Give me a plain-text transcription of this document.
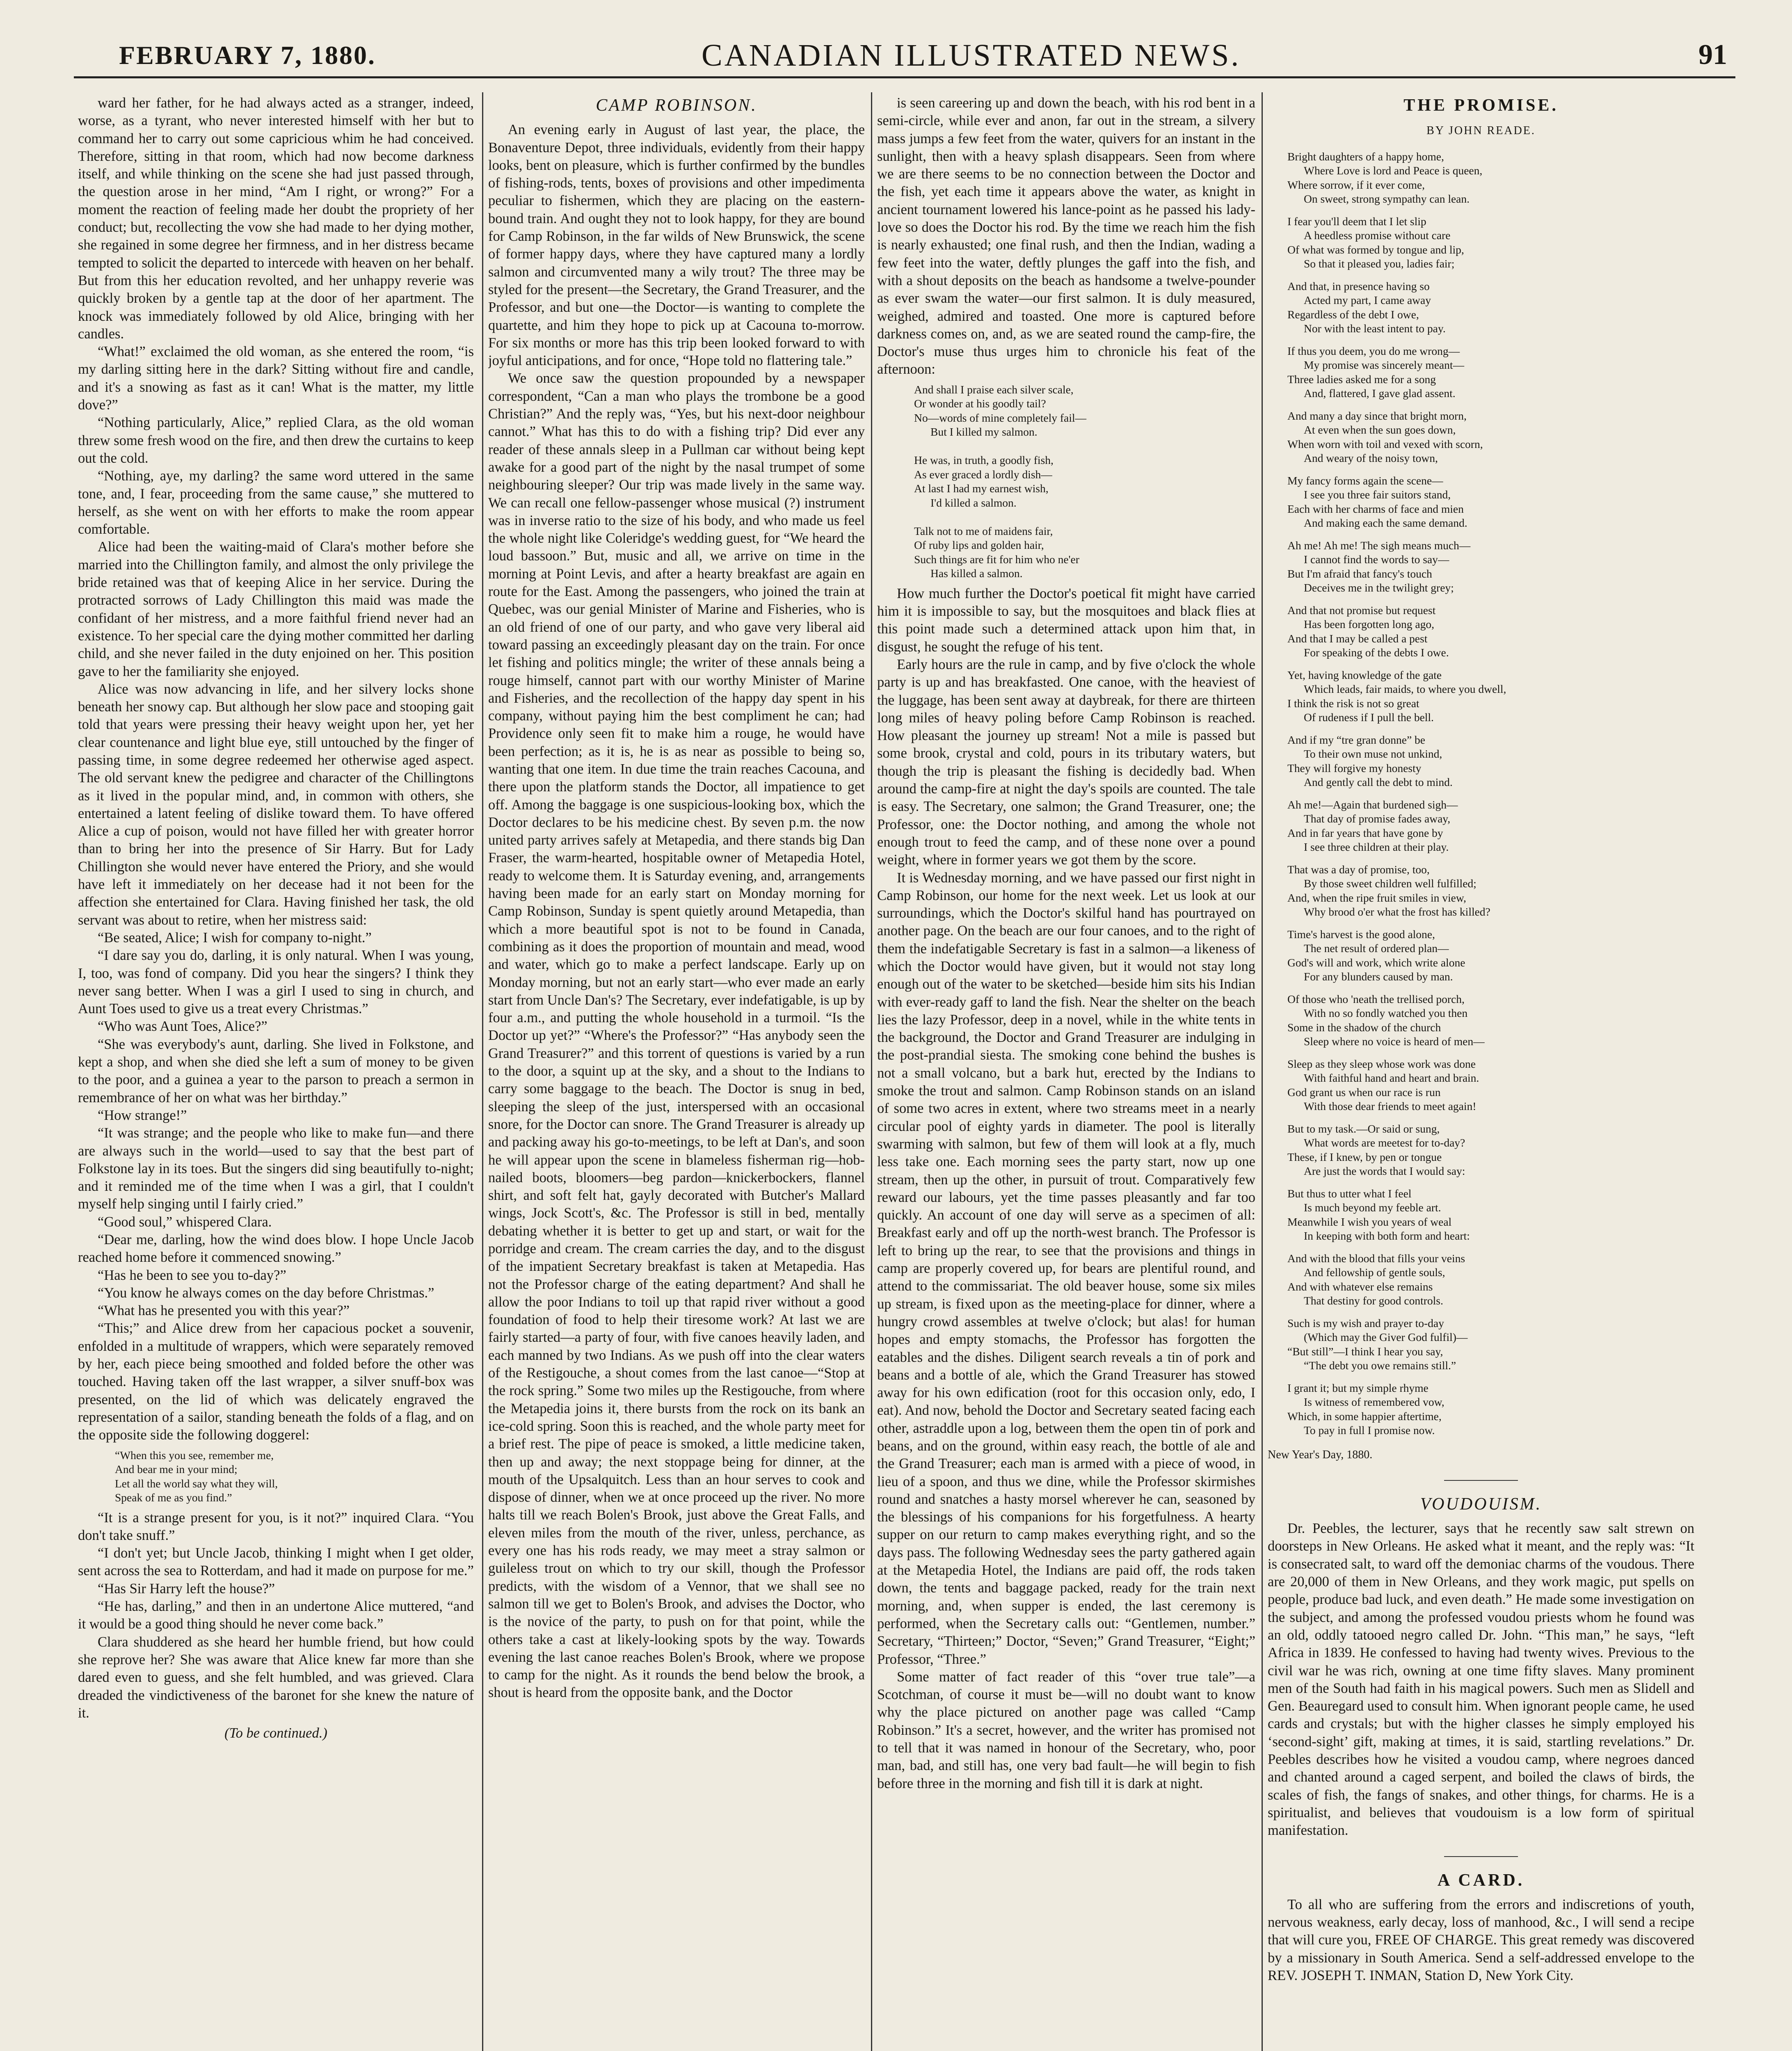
FEBRUARY 7, 1880.	CANADIAN ILLUSTRATED NEWS.	91

ward her father, for he had always acted as a stranger, indeed, worse, as a tyrant, who never interested himself with her but to command her to carry out some capricious whim he had conceived. Therefore, sitting in that room, which had now become darkness itself, and while thinking on the scene she had just passed through, the question arose in her mind, “Am I right, or wrong?” For a moment the reaction of feeling made her doubt the propriety of her conduct; but, recollecting the vow she had made to her dying mother, she regained in some degree her firmness, and in her distress became tempted to solicit the departed to intercede with heaven on her behalf. But from this her education revolted, and her unhappy reverie was quickly broken by a gentle tap at the door of her apartment. The knock was immediately followed by old Alice, bringing with her candles.

“What!” exclaimed the old woman, as she entered the room, “is my darling sitting here in the dark? Sitting without fire and candle, and it's a snowing as fast as it can! What is the matter, my little dove?”

“Nothing particularly, Alice,” replied Clara, as the old woman threw some fresh wood on the fire, and then drew the curtains to keep out the cold.

“Nothing, aye, my darling? the same word uttered in the same tone, and, I fear, proceeding from the same cause,” she muttered to herself, as she went on with her efforts to make the room appear comfortable.

Alice had been the waiting-maid of Clara's mother before she married into the Chillington family, and almost the only privilege the bride retained was that of keeping Alice in her service. During the protracted sorrows of Lady Chillington this maid was made the confidant of her mistress, and a more faithful friend never had an existence. To her special care the dying mother committed her darling child, and she never failed in the duty enjoined on her. This position gave to her the familiarity she enjoyed.

Alice was now advancing in life, and her silvery locks shone beneath her snowy cap. But although her slow pace and stooping gait told that years were pressing their heavy weight upon her, yet her clear countenance and light blue eye, still untouched by the finger of passing time, in some degree redeemed her otherwise aged aspect. The old servant knew the pedigree and character of the Chillingtons as it lived in the popular mind, and, in common with others, she entertained a latent feeling of dislike toward them. To have offered Alice a cup of poison, would not have filled her with greater horror than to bring her into the presence of Sir Harry. But for Lady Chillington she would never have entered the Priory, and she would have left it immediately on her decease had it not been for the affection she entertained for Clara. Having finished her task, the old servant was about to retire, when her mistress said:

“Be seated, Alice; I wish for company to-night.”

“I dare say you do, darling, it is only natural. When I was young, I, too, was fond of company. Did you hear the singers? I think they never sang better. When I was a girl I used to sing in church, and Aunt Toes used to give us a treat every Christmas.”

“Who was Aunt Toes, Alice?”

“She was everybody's aunt, darling. She lived in Folkstone, and kept a shop, and when she died she left a sum of money to be given to the poor, and a guinea a year to the parson to preach a sermon in remembrance of her on what was her birthday.”

“How strange!”

“It was strange; and the people who like to make fun—and there are always such in the world—used to say that the best part of Folkstone lay in its toes. But the singers did sing beautifully to-night; and it reminded me of the time when I was a girl, that I couldn't myself help singing until I fairly cried.”

“Good soul,” whispered Clara.

“Dear me, darling, how the wind does blow. I hope Uncle Jacob reached home before it commenced snowing.”

“Has he been to see you to-day?”

“You know he always comes on the day before Christmas.”

“What has he presented you with this year?”

“This;” and Alice drew from her capacious pocket a souvenir, enfolded in a multitude of wrappers, which were separately removed by her, each piece being smoothed and folded before the other was touched. Having taken off the last wrapper, a silver snuff-box was presented, on the lid of which was delicately engraved the representation of a sailor, standing beneath the folds of a flag, and on the opposite side the following doggerel:

“When this you see, remember me,
And bear me in your mind;
Let all the world say what they will,
Speak of me as you find.”

“It is a strange present for you, is it not?” inquired Clara. “You don't take snuff.”

“I don't yet; but Uncle Jacob, thinking I might when I get older, sent across the sea to Rotterdam, and had it made on purpose for me.”

“Has Sir Harry left the house?”

“He has, darling,” and then in an undertone Alice muttered, “and it would be a good thing should he never come back.”

Clara shuddered as she heard her humble friend, but how could she reprove her? She was aware that Alice knew far more than she dared even to guess, and she felt humbled, and was grieved. Clara dreaded the vindictiveness of the baronet for she knew the nature of it.

(To be continued.)
CAMP ROBINSON.

An evening early in August of last year, the place, the Bonaventure Depot, three individuals, evidently from their happy looks, bent on pleasure, which is further confirmed by the bundles of fishing-rods, tents, boxes of provisions and other impedimenta peculiar to fishermen, which they are placing on the eastern-bound train. And ought they not to look happy, for they are bound for Camp Robinson, in the far wilds of New Brunswick, the scene of former happy days, where they have captured many a lordly salmon and circumvented many a wily trout? The three may be styled for the present—the Secretary, the Grand Treasurer, and the Professor, and but one—the Doctor—is wanting to complete the quartette, and him they hope to pick up at Cacouna to-morrow. For six months or more has this trip been looked forward to with joyful anticipations, and for once, “Hope told no flattering tale.”

We once saw the question propounded by a newspaper correspondent, “Can a man who plays the trombone be a good Christian?” And the reply was, “Yes, but his next-door neighbour cannot.” What has this to do with a fishing trip? Did ever any reader of these annals sleep in a Pullman car without being kept awake for a good part of the night by the nasal trumpet of some neighbouring sleeper? Our trip was made lively in the same way. We can recall one fellow-passenger whose musical (?) instrument was in inverse ratio to the size of his body, and who made us feel the whole night like Coleridge's wedding guest, for “We heard the loud bassoon.” But, music and all, we arrive on time in the morning at Point Levis, and after a hearty breakfast are again en route for the East. Among the passengers, who joined the train at Quebec, was our genial Minister of Marine and Fisheries, who is an old friend of one of our party, and who gave very liberal aid toward passing an exceedingly pleasant day on the train. For once let fishing and politics mingle; the writer of these annals being a rouge himself, cannot part with our worthy Minister of Marine and Fisheries, and the recollection of the happy day spent in his company, without paying him the best compliment he can; had Providence only seen fit to make him a rouge, he would have been perfection; as it is, he is as near as possible to being so, wanting that one item. In due time the train reaches Cacouna, and there upon the platform stands the Doctor, all impatience to get off. Among the baggage is one suspicious-looking box, which the Doctor declares to be his medicine chest. By seven p.m. the now united party arrives safely at Metapedia, and there stands big Dan Fraser, the warm-hearted, hospitable owner of Metapedia Hotel, ready to welcome them. It is Saturday evening, and, arrangements having been made for an early start on Monday morning for Camp Robinson, Sunday is spent quietly around Metapedia, than which a more beautiful spot is not to be found in Canada, combining as it does the proportion of mountain and mead, wood and water, which go to make a perfect landscape. Early up on Monday morning, but not an early start—who ever made an early start from Uncle Dan's? The Secretary, ever indefatigable, is up by four a.m., and putting the whole household in a turmoil. “Is the Doctor up yet?” “Where's the Professor?” “Has anybody seen the Grand Treasurer?” and this torrent of questions is varied by a run to the door, a squint up at the sky, and a shout to the Indians to carry some baggage to the beach. The Doctor is snug in bed, sleeping the sleep of the just, interspersed with an occasional snore, for the Doctor can snore. The Grand Treasurer is already up and packing away his go-to-meetings, to be left at Dan's, and soon he will appear upon the scene in blameless fisherman rig—hob-nailed boots, bloomers—beg pardon—knickerbockers, flannel shirt, and soft felt hat, gayly decorated with Butcher's Mallard wings, Jock Scott's, &c. The Professor is still in bed, mentally debating whether it is better to get up and start, or wait for the porridge and cream. The cream carries the day, and to the disgust of the impatient Secretary breakfast is taken at Metapedia. Has not the Professor charge of the eating department? And shall he allow the poor Indians to toil up that rapid river without a good foundation of food to help their tiresome work? At last we are fairly started—a party of four, with five canoes heavily laden, and each manned by two Indians. As we push off into the clear waters of the Restigouche, a shout comes from the last canoe—“Stop at the rock spring.” Some two miles up the Restigouche, from where the Metapedia joins it, there bursts from the rock on its bank an ice-cold spring. Soon this is reached, and the whole party meet for a brief rest. The pipe of peace is smoked, a little medicine taken, then up and away; the next stoppage being for dinner, at the mouth of the Upsalquitch. Less than an hour serves to cook and dispose of dinner, when we at once proceed up the river. No more halts till we reach Bolen's Brook, just above the Great Falls, and eleven miles from the mouth of the river, unless, perchance, as every one has his rods ready, we may meet a stray salmon or guileless trout on which to try our skill, though the Professor predicts, with the wisdom of a Vennor, that we shall see no salmon till we get to Bolen's Brook, and advises the Doctor, who is the novice of the party, to push on for that point, while the others take a cast at likely-looking spots by the way. Towards evening the last canoe reaches Bolen's Brook, where we propose to camp for the night. As it rounds the bend below the brook, a shout is heard from the opposite bank, and the Doctor

is seen careering up and down the beach, with his rod bent in a semi-circle, while ever and anon, far out in the stream, a silvery mass jumps a few feet from the water, quivers for an instant in the sunlight, then with a heavy splash disappears. Seen from where we are there seems to be no connection between the Doctor and the fish, yet each time it appears above the water, as knight in ancient tournament lowered his lance-point as he passed his lady-love so does the Doctor his rod. By the time we reach him the fish is nearly exhausted; one final rush, and then the Indian, wading a few feet into the water, deftly plunges the gaff into the fish, and with a shout deposits on the beach as handsome a twelve-pounder as ever swam the water—our first salmon. It is duly measured, weighed, admired and toasted. One more is captured before darkness comes on, and, as we are seated round the camp-fire, the Doctor's muse thus urges him to chronicle his feat of the afternoon:

And shall I praise each silver scale,
Or wonder at his goodly tail?
No—words of mine completely fail—
But I killed my salmon.

He was, in truth, a goodly fish,
As ever graced a lordly dish—
At last I had my earnest wish,
I'd killed a salmon.

Talk not to me of maidens fair,
Of ruby lips and golden hair,
Such things are fit for him who ne'er
Has killed a salmon.

How much further the Doctor's poetical fit might have carried him it is impossible to say, but the mosquitoes and black flies at this point made such a determined attack upon him that, in disgust, he sought the refuge of his tent.

Early hours are the rule in camp, and by five o'clock the whole party is up and has breakfasted. One canoe, with the heaviest of the luggage, has been sent away at daybreak, for there are thirteen long miles of heavy poling before Camp Robinson is reached. How pleasant the journey up stream! Not a mile is passed but some brook, crystal and cold, pours in its tributary waters, but though the trip is pleasant the fishing is decidedly bad. When around the camp-fire at night the day's spoils are counted. The tale is easy. The Secretary, one salmon; the Grand Treasurer, one; the Professor, one: the Doctor nothing, and among the whole not enough trout to feed the camp, and of these none over a pound weight, where in former years we got them by the score.

It is Wednesday morning, and we have passed our first night in Camp Robinson, our home for the next week. Let us look at our surroundings, which the Doctor's skilful hand has pourtrayed on another page. On the beach are our four canoes, and to the right of them the indefatigable Secretary is fast in a salmon—a likeness of which the Doctor would have given, but it would not stay long enough out of the water to be sketched—beside him sits his Indian with ever-ready gaff to land the fish. Near the shelter on the beach lies the lazy Professor, deep in a novel, while in the white tents in the background, the Doctor and Grand Treasurer are indulging in the post-prandial siesta. The smoking cone behind the bushes is not a small volcano, but a bark hut, erected by the Indians to smoke the trout and salmon. Camp Robinson stands on an island of some two acres in extent, where two streams meet in a nearly circular pool of eighty yards in diameter. The pool is literally swarming with salmon, but few of them will look at a fly, much less take one. Each morning sees the party start, now up one stream, then up the other, in pursuit of trout. Comparatively few reward our labours, yet the time passes pleasantly and far too quickly. An account of one day will serve as a specimen of all: Breakfast early and off up the north-west branch. The Professor is left to bring up the rear, to see that the provisions and things in camp are properly covered up, for bears are plentiful round, and attend to the commissariat. The old beaver house, some six miles up stream, is fixed upon as the meeting-place for dinner, where a hungry crowd assembles at twelve o'clock; but alas! for human hopes and empty stomachs, the Professor has forgotten the eatables and the dishes. Diligent search reveals a tin of pork and beans and a bottle of ale, which the Grand Treasurer has stowed away for his own edification (root for this occasion only, edo, I eat). And now, behold the Doctor and Secretary seated facing each other, astraddle upon a log, between them the open tin of pork and beans, and on the ground, within easy reach, the bottle of ale and the Grand Treasurer; each man is armed with a piece of wood, in lieu of a spoon, and thus we dine, while the Professor skirmishes round and snatches a hasty morsel wherever he can, seasoned by the blessings of his companions for his forgetfulness. A hearty supper on our return to camp makes everything right, and so the days pass. The following Wednesday sees the party gathered again at the Metapedia Hotel, the Indians are paid off, the rods taken down, the tents and baggage packed, ready for the train next morning, and, when supper is ended, the last ceremony is performed, when the Secretary calls out: “Gentlemen, number.” Secretary, “Thirteen;” Doctor, “Seven;” Grand Treasurer, “Eight;” Professor, “Three.”

Some matter of fact reader of this “over true tale”—a Scotchman, of course it must be—will no doubt want to know why the place pictured on another page was called “Camp Robinson.” It's a secret, however, and the writer has promised not to tell that it was named in honour of the Secretary, who, poor man, bad, and still has, one very bad fault—he will begin to fish before three in the morning and fish till it is dark at night.

THE PROMISE.
BY JOHN READE.
Bright daughters of a happy home,
Where Love is lord and Peace is queen,
Where sorrow, if it ever come,
On sweet, strong sympathy can lean.
I fear you'll deem that I let slip
A heedless promise without care
Of what was formed by tongue and lip,
So that it pleased you, ladies fair;
And that, in presence having so
Acted my part, I came away
Regardless of the debt I owe,
Nor with the least intent to pay.
If thus you deem, you do me wrong—
My promise was sincerely meant—
Three ladies asked me for a song
And, flattered, I gave glad assent.
And many a day since that bright morn,
At even when the sun goes down,
When worn with toil and vexed with scorn,
And weary of the noisy town,
My fancy forms again the scene—
I see you three fair suitors stand,
Each with her charms of face and mien
And making each the same demand.
Ah me! Ah me! The sigh means much—
I cannot find the words to say—
But I'm afraid that fancy's touch
Deceives me in the twilight grey;
And that not promise but request
Has been forgotten long ago,
And that I may be called a pest
For speaking of the debts I owe.
Yet, having knowledge of the gate
Which leads, fair maids, to where you dwell,
I think the risk is not so great
Of rudeness if I pull the bell.
And if my “tre gran donne” be
To their own muse not unkind,
They will forgive my honesty
And gently call the debt to mind.
Ah me!—Again that burdened sigh—
That day of promise fades away,
And in far years that have gone by
I see three children at their play.
That was a day of promise, too,
By those sweet children well fulfilled;
And, when the ripe fruit smiles in view,
Why brood o'er what the frost has killed?
Time's harvest is the good alone,
The net result of ordered plan—
God's will and work, which write alone
For any blunders caused by man.
Of those who 'neath the trellised porch,
With no so fondly watched you then
Some in the shadow of the church
Sleep where no voice is heard of men—
Sleep as they sleep whose work was done
With faithful hand and heart and brain.
God grant us when our race is run
With those dear friends to meet again!
But to my task.—Or said or sung,
What words are meetest for to-day?
These, if I knew, by pen or tongue
Are just the words that I would say:
But thus to utter what I feel
Is much beyond my feeble art.
Meanwhile I wish you years of weal
In keeping with both form and heart:
And with the blood that fills your veins
And fellowship of gentle souls,
And with whatever else remains
That destiny for good controls.
Such is my wish and prayer to-day
(Which may the Giver God fulfil)—
“But still”—I think I hear you say,
“The debt you owe remains still.”
I grant it; but my simple rhyme
Is witness of remembered vow,
Which, in some happier aftertime,
To pay in full I promise now.
New Year's Day, 1880.
VOUDOUISM.

Dr. Peebles, the lecturer, says that he recently saw salt strewn on doorsteps in New Orleans. He asked what it meant, and the reply was: “It is consecrated salt, to ward off the demoniac charms of the voudous. There are 20,000 of them in New Orleans, and they work magic, put spells on people, produce bad luck, and even death.” He made some investigation on the subject, and among the professed voudou priests whom he found was an old, oddly tatooed negro called Dr. John. “This man,” he says, “left Africa in 1839. He confessed to having had twenty wives. Previous to the civil war he was rich, owning at one time fifty slaves. Many prominent men of the South had faith in his magical powers. Such men as Slidell and Gen. Beauregard used to consult him. When ignorant people came, he used cards and crystals; but with the higher classes he simply employed his ‘second-sight’ gift, making at times, it is said, startling revelations.” Dr. Peebles describes how he visited a voudou camp, where negroes danced and chanted around a caged serpent, and boiled the claws of birds, the scales of fish, the fangs of snakes, and other things, for charms. He is a spiritualist, and believes that voudouism is a low form of spiritual manifestation.

A CARD.

To all who are suffering from the errors and indiscretions of youth, nervous weakness, early decay, loss of manhood, &c., I will send a recipe that will cure you, FREE OF CHARGE. This great remedy was discovered by a missionary in South America. Send a self-addressed envelope to the REV. JOSEPH T. INMAN, Station D, New York City.
